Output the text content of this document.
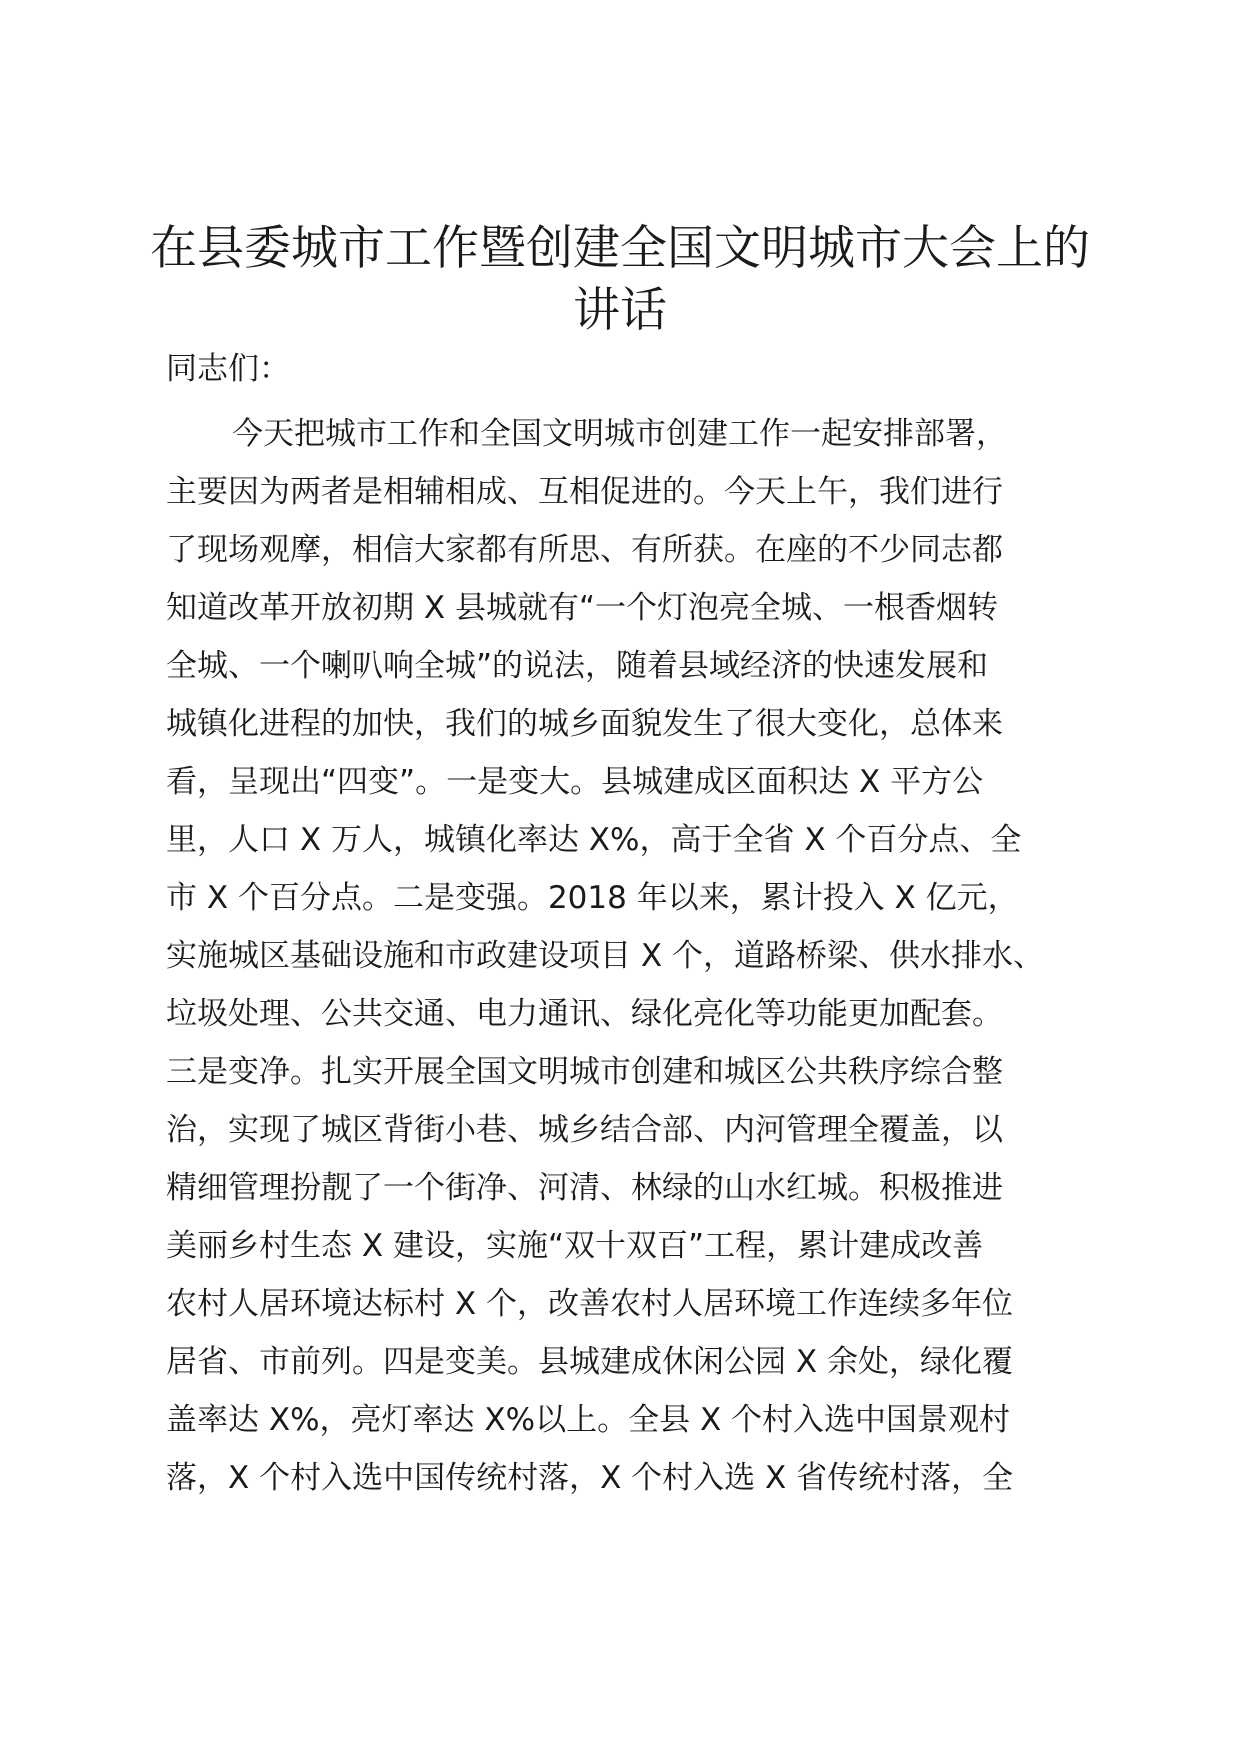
在县委城市工作暨创建全国文明城市大会上的
讲话

同志们：

今天把城市工作和全国文明城市创建工作一起安排部署，
主要因为两者是相辅相成、互相促进的。今天上午，我们进行
了现场观摩，相信大家都有所思、有所获。在座的不少同志都
知道改革开放初期 X 县城就有“一个灯泡亮全城、一根香烟转
全城、一个喇叭响全城”的说法，随着县域经济的快速发展和
城镇化进程的加快，我们的城乡面貌发生了很大变化，总体来
看，呈现出“四变”。一是变大。县城建成区面积达 X 平方公
里，人口 X 万人，城镇化率达 X%，高于全省 X 个百分点、全
市 X 个百分点。二是变强。2018 年以来，累计投入 X 亿元，
实施城区基础设施和市政建设项目 X 个，道路桥梁、供水排水、
垃圾处理、公共交通、电力通讯、绿化亮化等功能更加配套。
三是变净。扎实开展全国文明城市创建和城区公共秩序综合整
治，实现了城区背街小巷、城乡结合部、内河管理全覆盖，以
精细管理扮靓了一个街净、河清、林绿的山水红城。积极推进
美丽乡村生态 X 建设，实施“双十双百”工程，累计建成改善
农村人居环境达标村 X 个，改善农村人居环境工作连续多年位
居省、市前列。四是变美。县城建成休闲公园 X 余处，绿化覆
盖率达 X%，亮灯率达 X%以上。全县 X 个村入选中国景观村
落，X 个村入选中国传统村落，X 个村入选 X 省传统村落，全
